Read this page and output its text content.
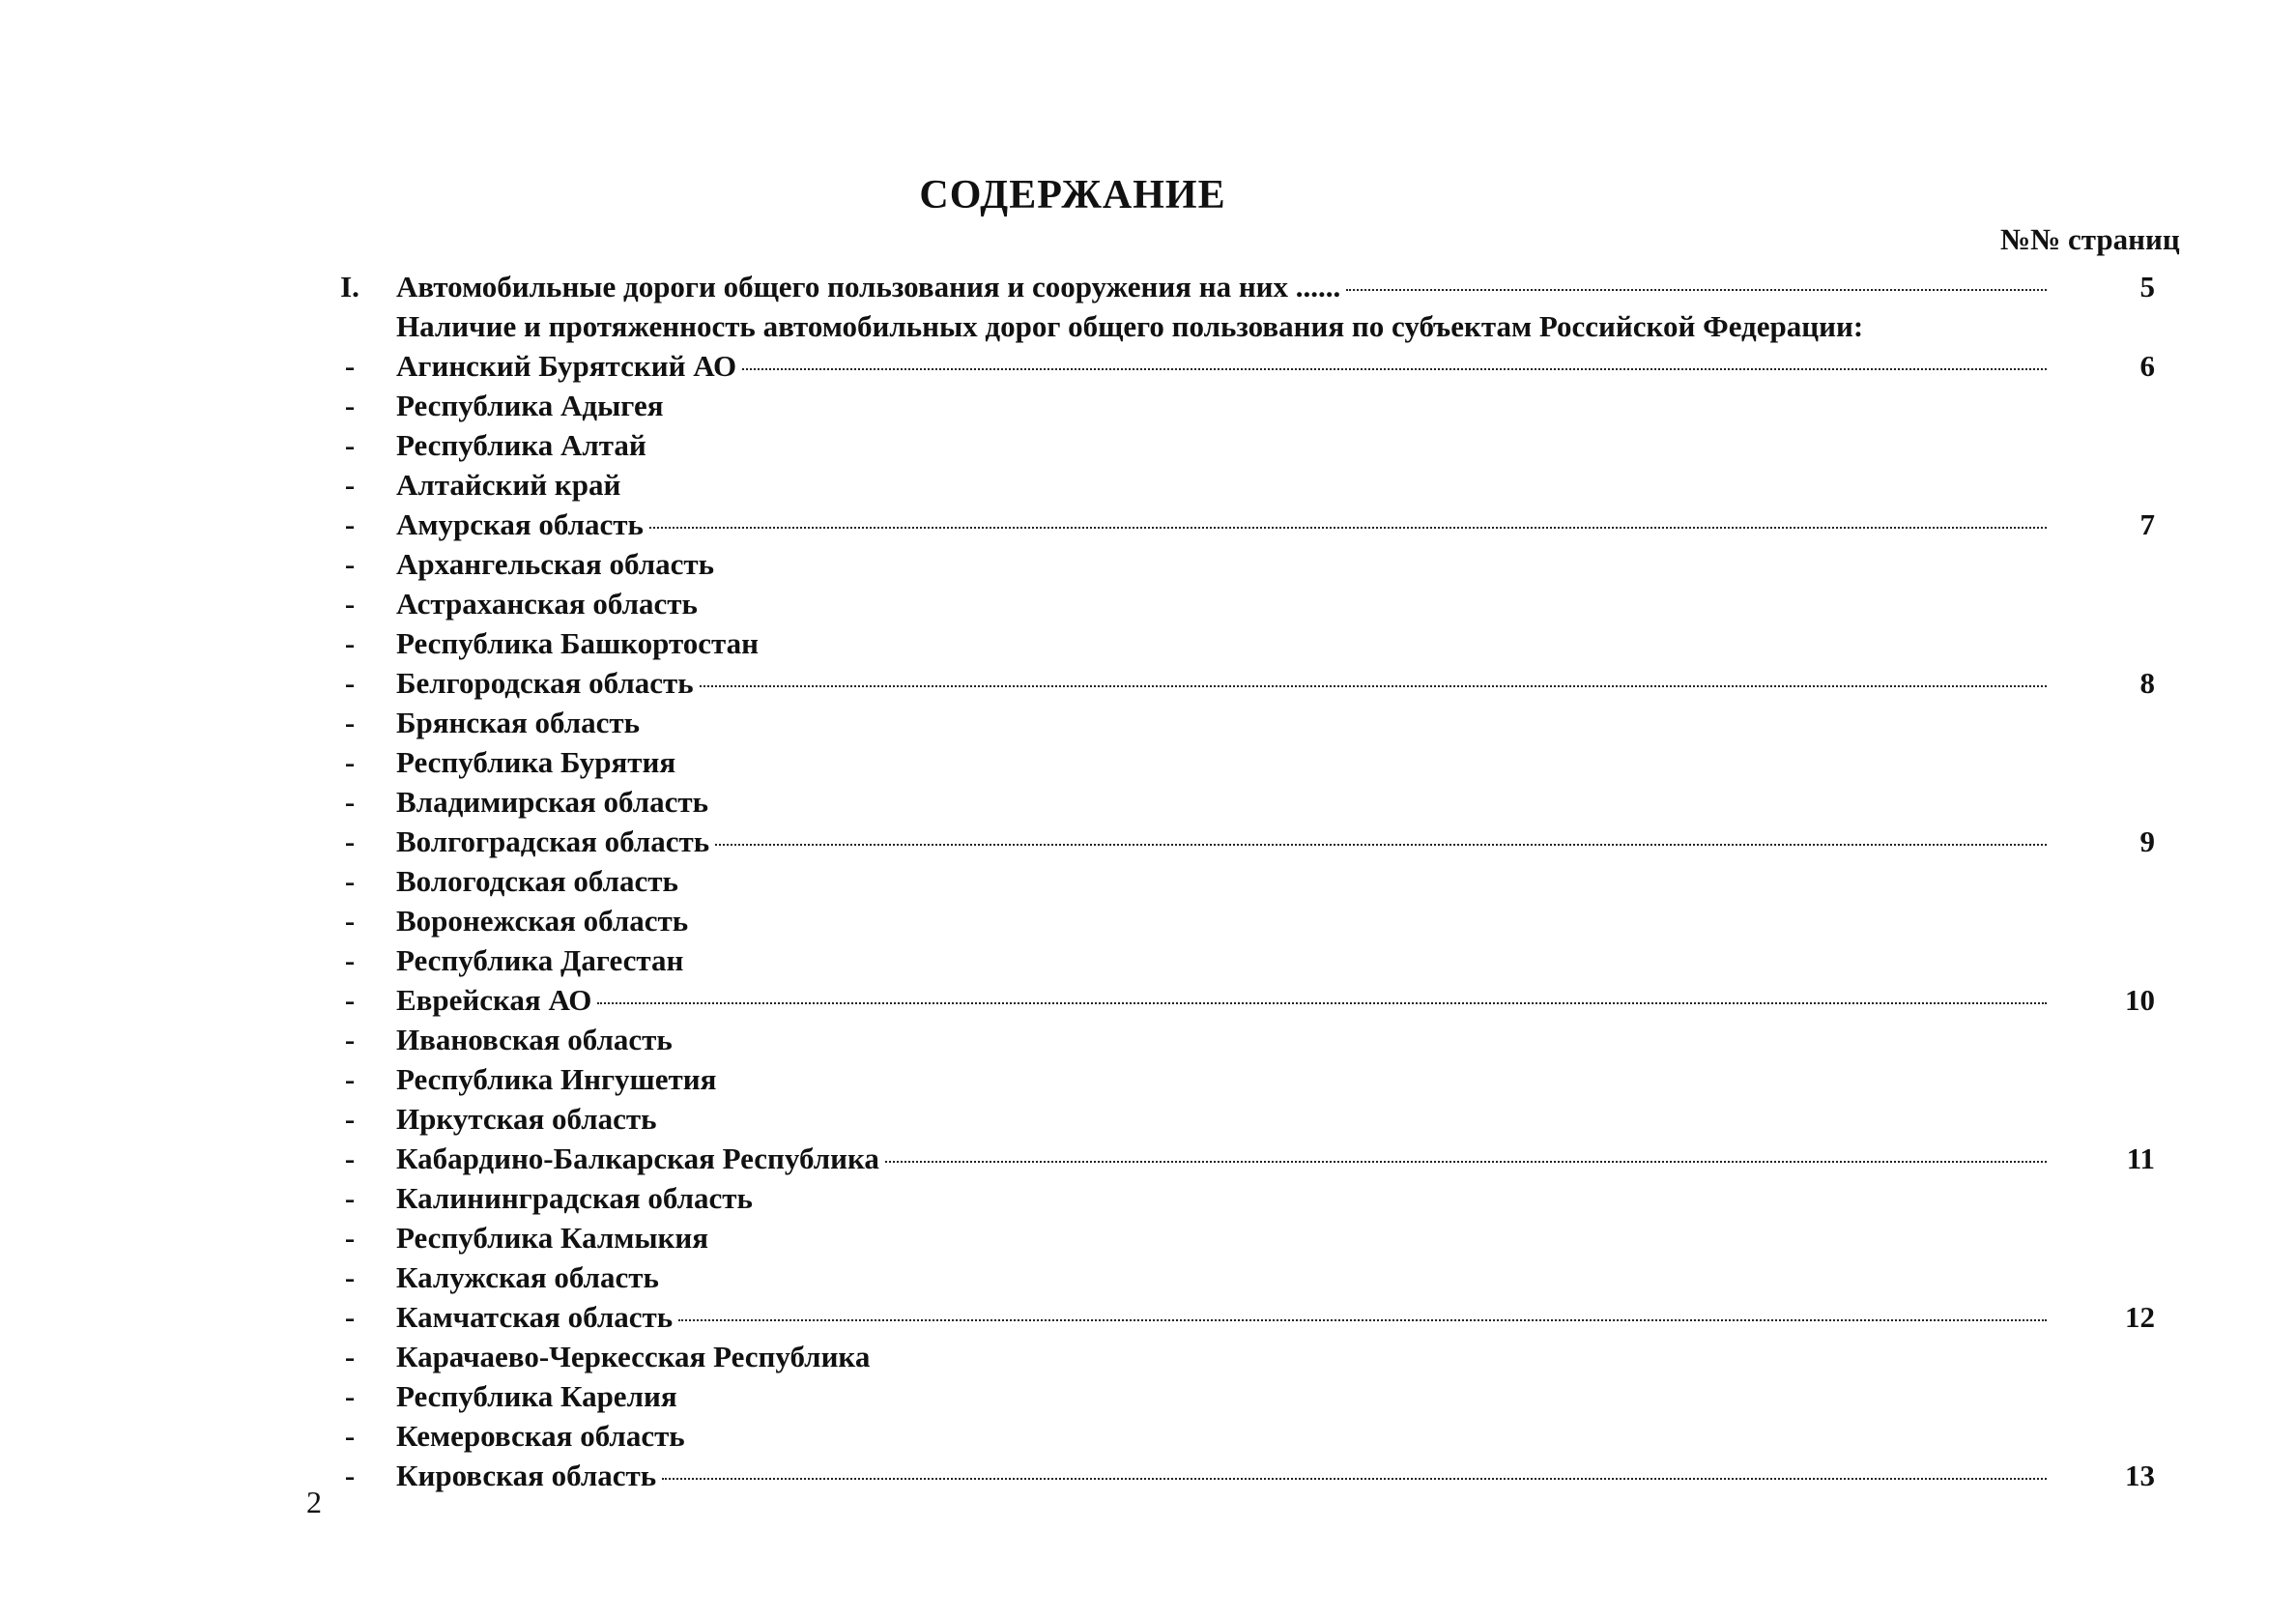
СОДЕРЖАНИЕ
№№ страниц
I.	Автомобильные дороги общего пользования и сооружения на них ......	5
Наличие и протяженность автомобильных дорог общего пользования по субъектам Российской Федерации:
-	Агинский Бурятский АО	6
-	Республика Адыгея
-	Республика Алтай
-	Алтайский край
-	Амурская область	7
-	Архангельская область
-	Астраханская область
-	Республика Башкортостан
-	Белгородская область	8
-	Брянская область
-	Республика Бурятия
-	Владимирская область
-	Волгоградская область	9
-	Вологодская область
-	Воронежская область
-	Республика Дагестан
-	Еврейская АО	10
-	Ивановская область
-	Республика Ингушетия
-	Иркутская область
-	Кабардино-Балкарская Республика	11
-	Калининградская область
-	Республика Калмыкия
-	Калужская область
-	Камчатская область	12
-	Карачаево-Черкесская Республика
-	Республика Карелия
-	Кемеровская область
-	Кировская область	13
2
